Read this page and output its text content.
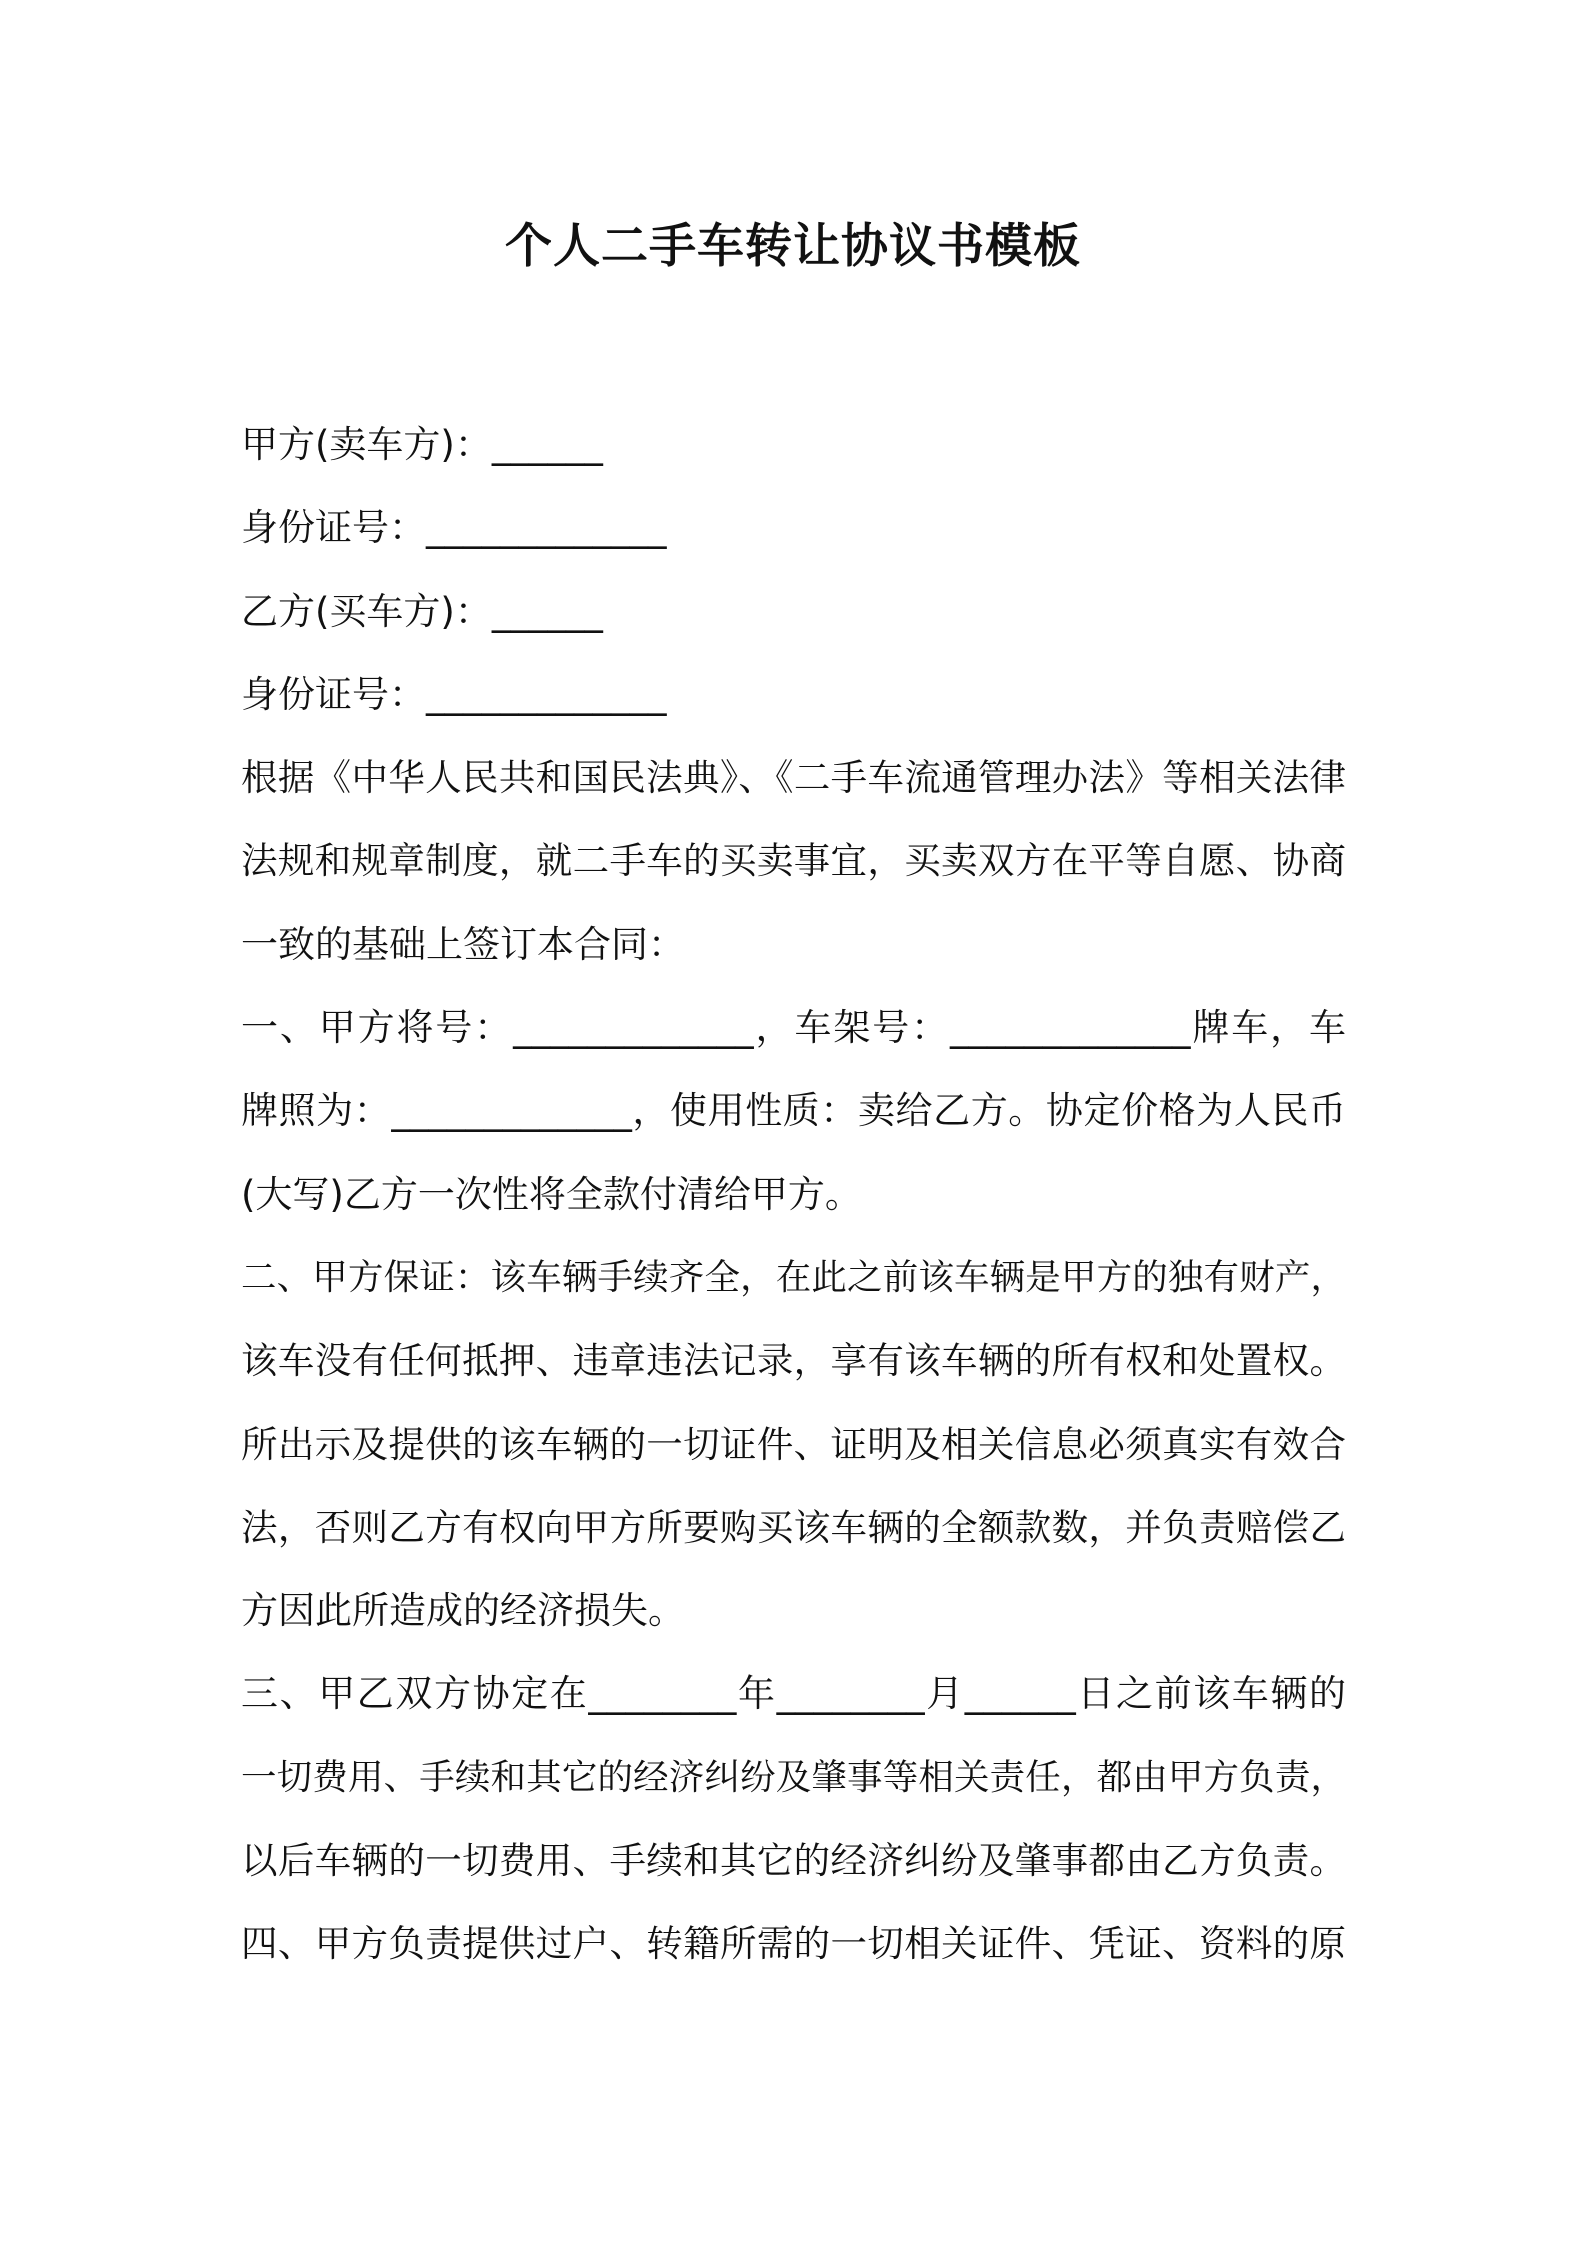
个人二手车转让协议书模板
甲方(卖车方)：______
身份证号：_____________
乙方(买车方)：______
身份证号：_____________
根据《中华人民共和国民法典》、《二手车流通管理办法》等相关法律
法规和规章制度，就二手车的买卖事宜，买卖双方在平等自愿、协商
一致的基础上签订本合同：
一、甲方将号：_____________，车架号：_____________牌车，车
牌照为：_____________，使用性质：卖给乙方。协定价格为人民币
(大写)乙方一次性将全款付清给甲方。
二、甲方保证：该车辆手续齐全，在此之前该车辆是甲方的独有财产，
该车没有任何抵押、违章违法记录，享有该车辆的所有权和处置权。
所出示及提供的该车辆的一切证件、证明及相关信息必须真实有效合
法，否则乙方有权向甲方所要购买该车辆的全额款数，并负责赔偿乙
方因此所造成的经济损失。
三、甲乙双方协定在________年________月______日之前该车辆的
一切费用、手续和其它的经济纠纷及肇事等相关责任，都由甲方负责，
以后车辆的一切费用、手续和其它的经济纠纷及肇事都由乙方负责。
四、甲方负责提供过户、转籍所需的一切相关证件、凭证、资料的原
